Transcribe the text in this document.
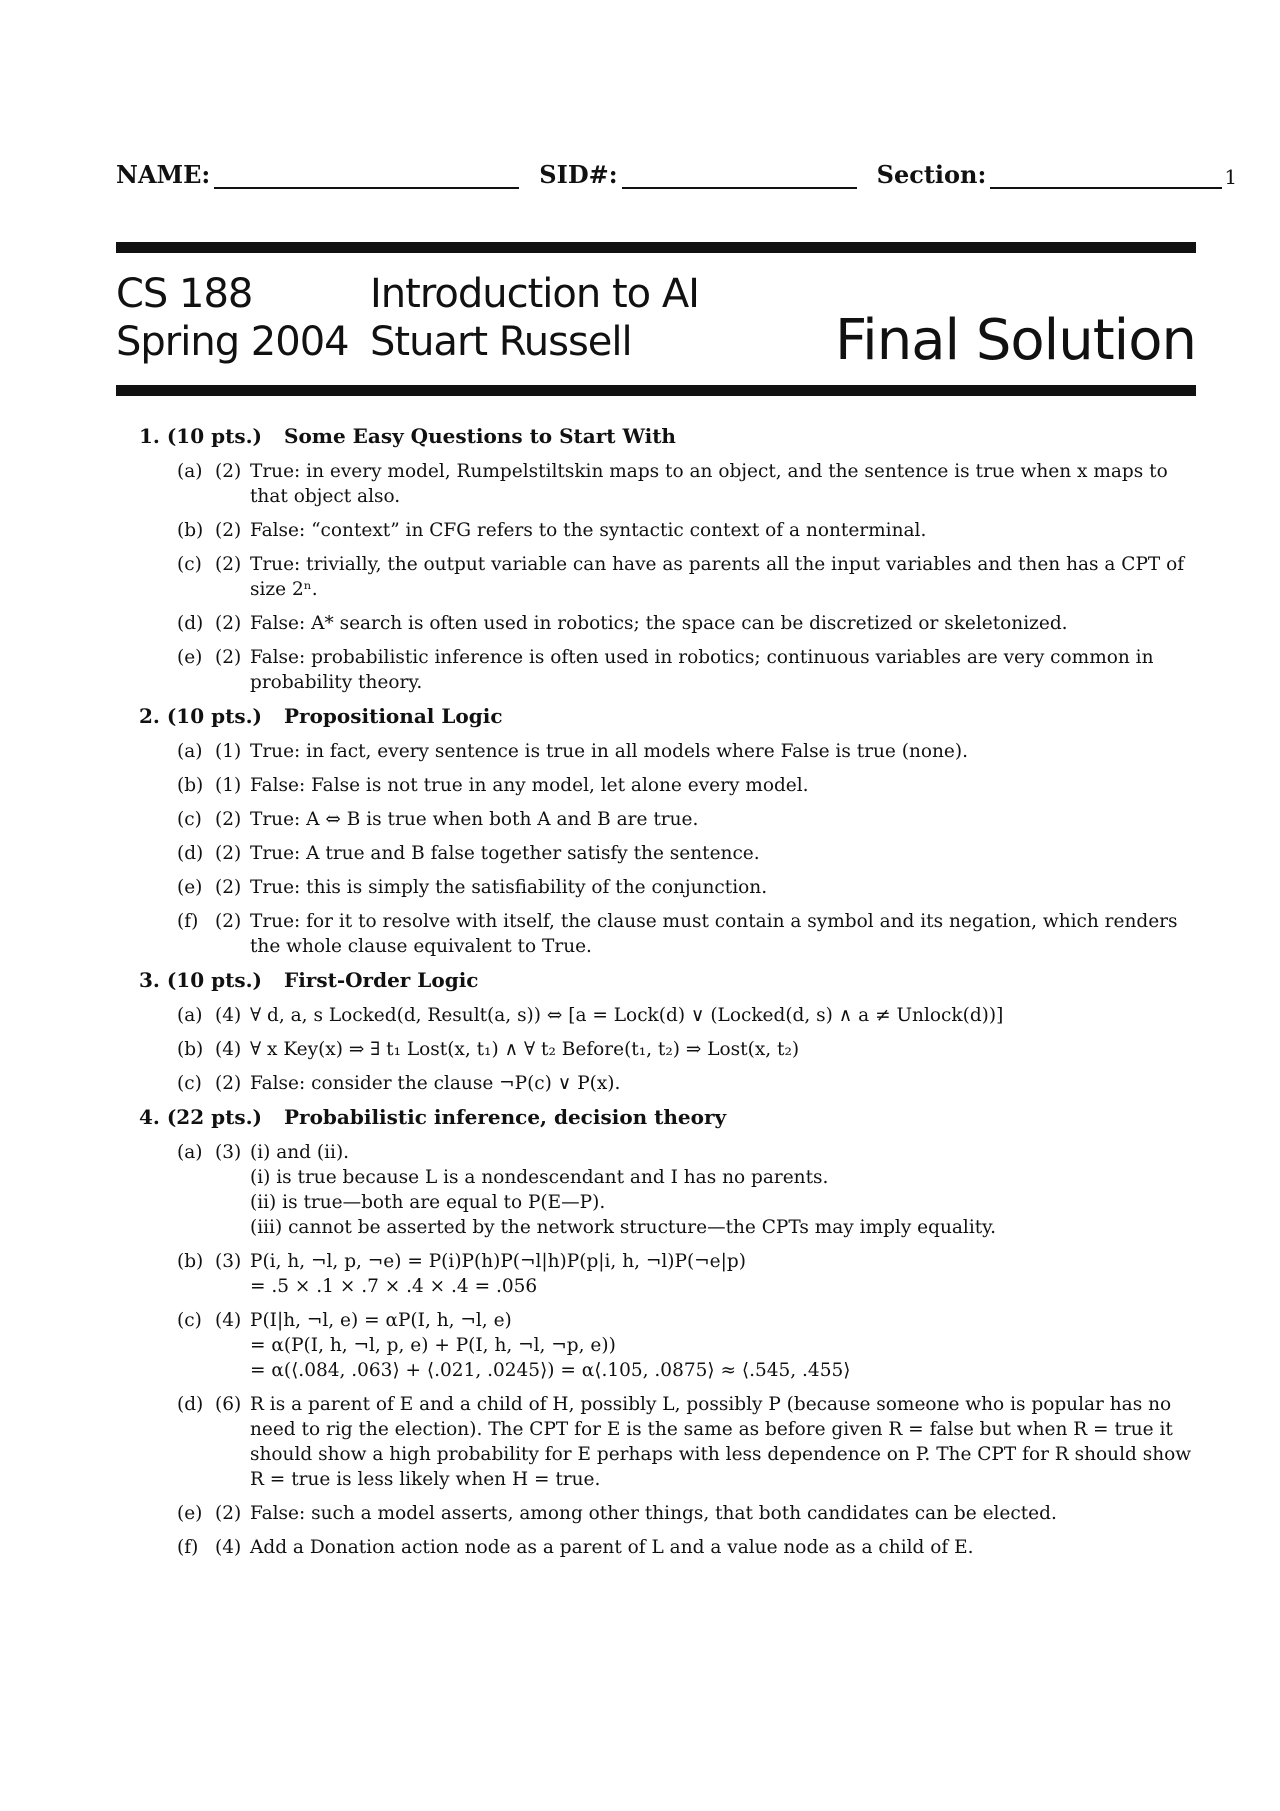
NAME:	SID#:	Section:	1
CS 188
Spring 2004
Introduction to AI
Stuart Russell	Final Solution
1. (10 pts.)	Some Easy Questions to Start With
(a) (2) True: in every model, Rumpelstiltskin maps to an object, and the sentence is true when x maps to that object also.
(b) (2) False: “context” in CFG refers to the syntactic context of a nonterminal.
(c) (2) True: trivially, the output variable can have as parents all the input variables and then has a CPT of size 2ⁿ.
(d) (2) False: A* search is often used in robotics; the space can be discretized or skeletonized.
(e) (2) False: probabilistic inference is often used in robotics; continuous variables are very common in probability theory.
2. (10 pts.)	Propositional Logic
(a) (1) True: in fact, every sentence is true in all models where False is true (none).
(b) (1) False: False is not true in any model, let alone every model.
(c) (2) True: A ⇔ B is true when both A and B are true.
(d) (2) True: A true and B false together satisfy the sentence.
(e) (2) True: this is simply the satisfiability of the conjunction.
(f) (2) True: for it to resolve with itself, the clause must contain a symbol and its negation, which renders the whole clause equivalent to True.
3. (10 pts.)	First-Order Logic
(a) (4) ∀ d, a, s Locked(d, Result(a, s)) ⇔ [a = Lock(d) ∨ (Locked(d, s) ∧ a ≠ Unlock(d))]
(b) (4) ∀ x Key(x) ⇒ ∃ t₁ Lost(x, t₁) ∧ ∀ t₂ Before(t₁, t₂) ⇒ Lost(x, t₂)
(c) (2) False: consider the clause ¬P(c) ∨ P(x).
4. (22 pts.)	Probabilistic inference, decision theory
(a) (3) (i) and (ii).
(i) is true because L is a nondescendant and I has no parents.
(ii) is true—both are equal to P(E—P).
(iii) cannot be asserted by the network structure—the CPTs may imply equality.
(b) (3) P(i, h, ¬l, p, ¬e) = P(i)P(h)P(¬l|h)P(p|i, h, ¬l)P(¬e|p)
= .5 × .1 × .7 × .4 × .4 = .056
(c) (4) P(I|h, ¬l, e) = αP(I, h, ¬l, e)
= α(P(I, h, ¬l, p, e) + P(I, h, ¬l, ¬p, e))
= α(⟨.084, .063⟩ + ⟨.021, .0245⟩) = α⟨.105, .0875⟩ ≈ ⟨.545, .455⟩
(d) (6) R is a parent of E and a child of H, possibly L, possibly P (because someone who is popular has no need to rig the election). The CPT for E is the same as before given R = false but when R = true it should show a high probability for E perhaps with less dependence on P. The CPT for R should show R = true is less likely when H = true.
(e) (2) False: such a model asserts, among other things, that both candidates can be elected.
(f) (4) Add a Donation action node as a parent of L and a value node as a child of E.
